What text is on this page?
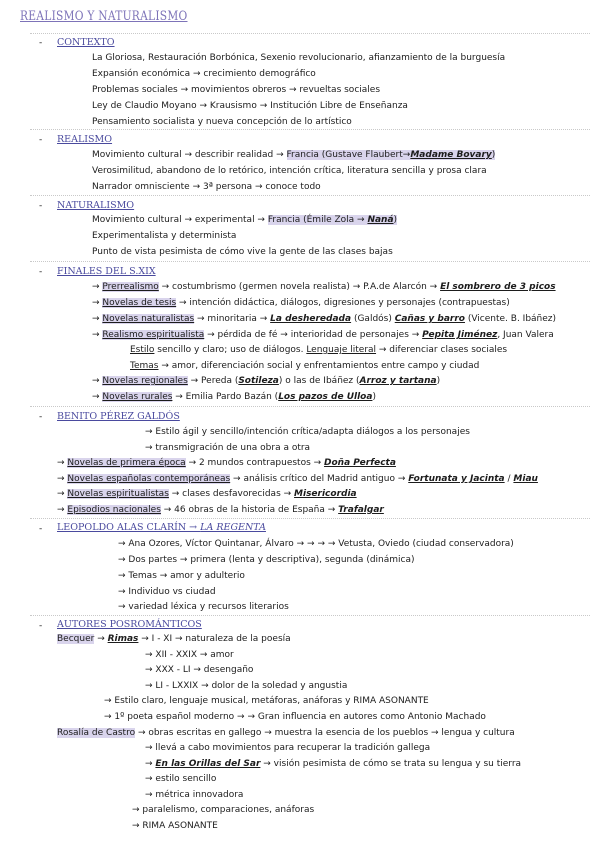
REALISMO Y NATURALISMO
- CONTEXTO
La Gloriosa, Restauración Borbónica, Sexenio revolucionario, afianzamiento de la burguesía
Expansión económica → crecimiento demográfico
Problemas sociales → movimientos obreros → revueltas sociales
Ley de Claudio Moyano → Krausismo → Institución Libre de Enseñanza
Pensamiento socialista y nueva concepción de lo artístico
- REALISMO
Movimiento cultural → describir realidad → Francia (Gustave Flaubert→Madame Bovary)
Verosimilitud, abandono de lo retórico, intención crítica, literatura sencilla y prosa clara
Narrador omnisciente → 3ª persona → conoce todo
- NATURALISMO
Movimiento cultural → experimental → Francia (Émile Zola → Naná)
Experimentalista y determinista
Punto de vista pesimista de cómo vive la gente de las clases bajas
- FINALES DEL S.XIX
→ Prerrealismo → costumbrismo (germen novela realista) → P.A.de Alarcón → El sombrero de 3 picos
→ Novelas de tesis → intención didáctica, diálogos, digresiones y personajes (contrapuestas)
→ Novelas naturalistas → minoritaria → La desheredada (Galdós) Cañas y barro (Vicente. B. Ibáñez)
→ Realismo espiritualista → pérdida de fé → interioridad de personajes → Pepita Jiménez, Juan Valera
Estilo sencillo y claro; uso de diálogos. Lenguaje literal → diferenciar clases sociales
Temas → amor, diferenciación social y enfrentamientos entre campo y ciudad
→ Novelas regionales → Pereda (Sotileza) o las de Ibáñez (Arroz y tartana)
→ Novelas rurales → Emilia Pardo Bazán (Los pazos de Ulloa)
- BENITO PÉREZ GALDÓS
→ Estilo ágil y sencillo/intención crítica/adapta diálogos a los personajes
→ transmigración de una obra a otra
→ Novelas de primera época → 2 mundos contrapuestos → Doña Perfecta
→ Novelas españolas contemporáneas → análisis crítico del Madrid antiguo → Fortunata y Jacinta / Miau
→ Novelas espiritualistas → clases desfavorecidas → Misericordia
→ Episodios nacionales → 46 obras de la historia de España → Trafalgar
- LEOPOLDO ALAS CLARÍN → LA REGENTA
→ Ana Ozores, Víctor Quintanar, Álvaro → → → → Vetusta, Oviedo (ciudad conservadora)
→ Dos partes → primera (lenta y descriptiva), segunda (dinámica)
→ Temas → amor y adulterio
→ Individuo vs ciudad
→ variedad léxica y recursos literarios
- AUTORES POSROMÁNTICOS
Becquer → Rimas → I - XI → naturaleza de la poesía
→ XII - XXIX → amor
→ XXX - LI → desengaño
→ LI - LXXIX → dolor de la soledad y angustia
→ Estilo claro, lenguaje musical, metáforas, anáforas y RIMA ASONANTE
→ 1º poeta español moderno → → Gran influencia en autores como Antonio Machado
Rosalía de Castro → obras escritas en gallego → muestra la esencia de los pueblos → lengua y cultura
→ llevá a cabo movimientos para recuperar la tradición gallega
→ En las Orillas del Sar → visión pesimista de cómo se trata su lengua y su tierra
→ estilo sencillo
→ métrica innovadora
→ paralelismo, comparaciones, anáforas
→ RIMA ASONANTE
